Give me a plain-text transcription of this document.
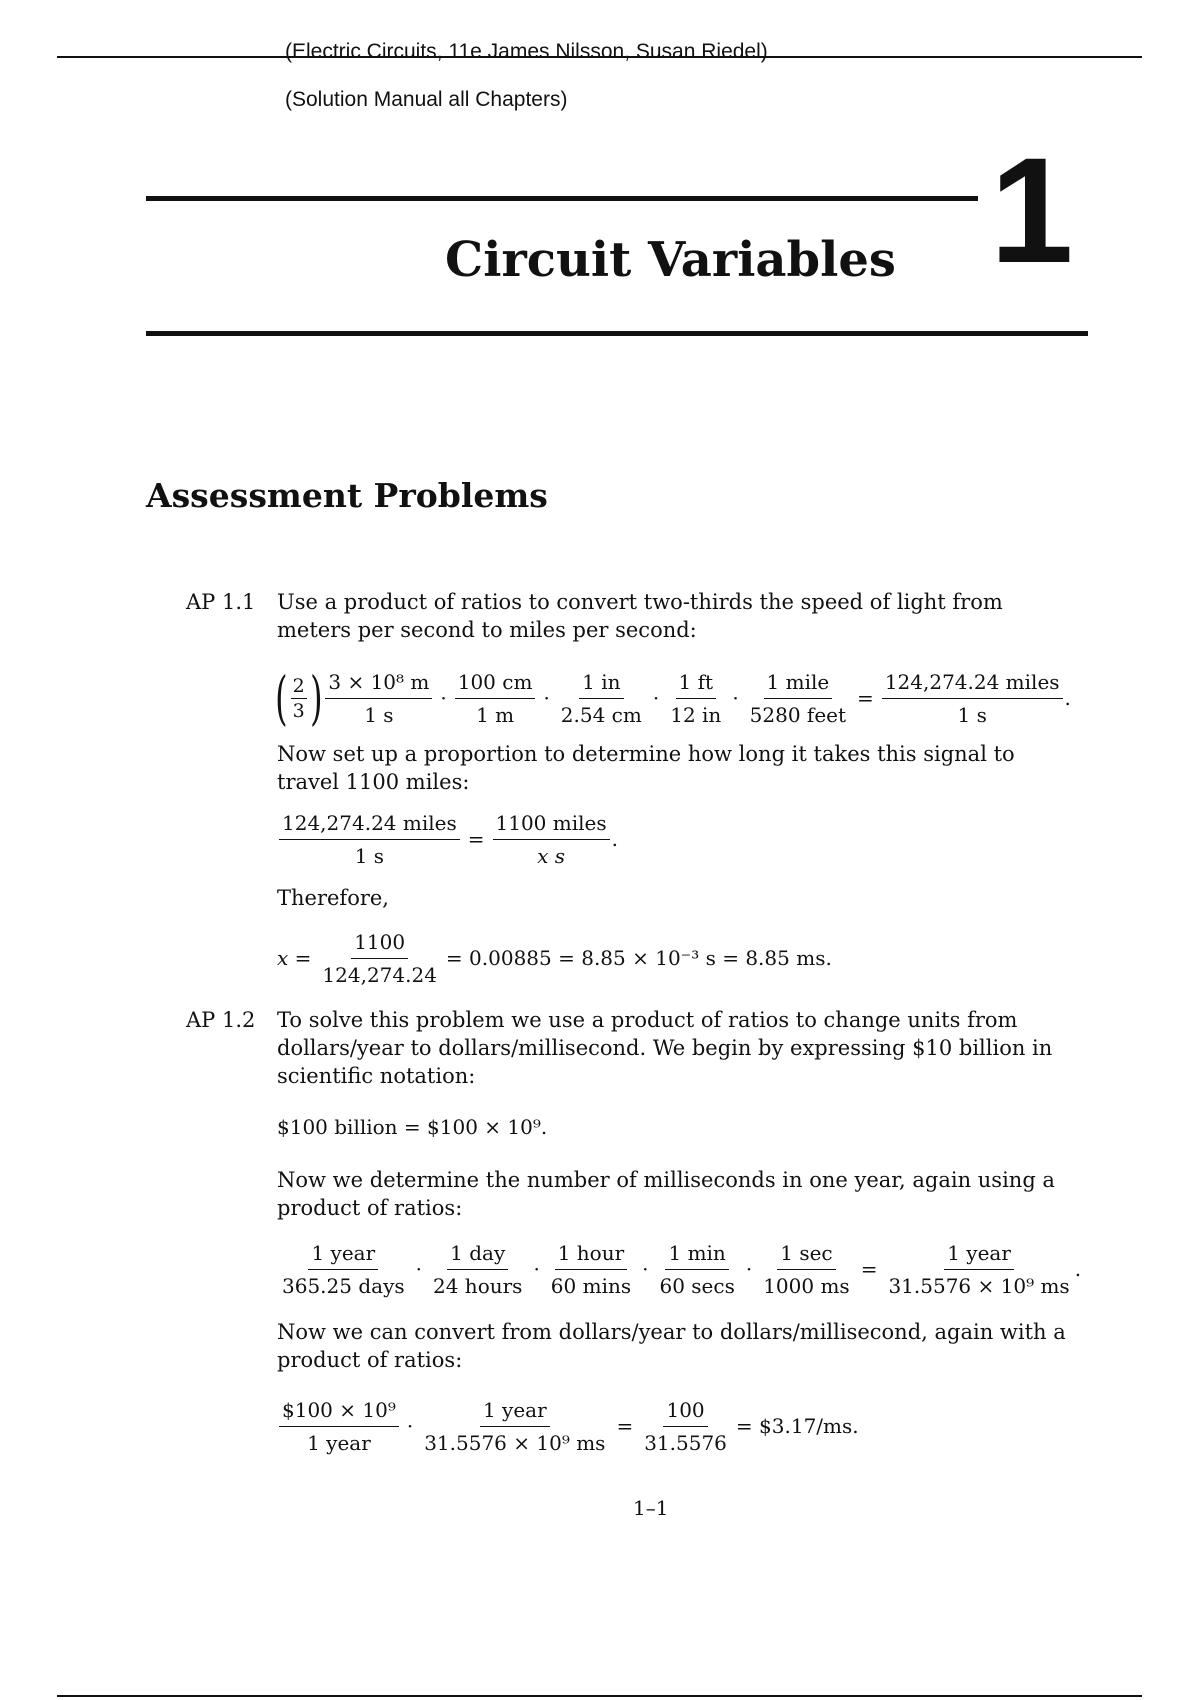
(Electric Circuits, 11e James Nilsson, Susan Riedel)
(Solution Manual all Chapters)
1
Circuit Variables
Assessment Problems
AP 1.1 Use a product of ratios to convert two-thirds the speed of light from meters per second to miles per second:
( $\frac{2}{3}$ ) $\frac{\text{3 × 10⁸ m}}{1 s} \cdot \frac{100 cm}{1 m} \cdot \frac{1 in}{2.54 cm} \cdot \frac{1 ft}{12 in} \cdot \frac{\text{1 mile}}{\text{5280 feet}} = \frac{\text{124,274.24 miles}}{1 s}$ .
Now set up a proportion to determine how long it takes this signal to travel 1100 miles:
$\frac{\text{124,274.24 miles}}{1 s} = \frac{\text{1100 miles}}{\text{x s}}$ .
Therefore,
$x = \frac{1100}{124,274.24} = 0.00885 = 8.85 \times 10^{-3}$ s = 8.85 ms.
AP 1.2 To solve this problem we use a product of ratios to change units from dollars/year to dollars/millisecond. We begin by expressing $10 billion in scientific notation:
$100 billion = $100 × 10⁹.
Now we determine the number of milliseconds in one year, again using a product of ratios:
$\frac{\text{1 year}}{\text{365.25 days}} \cdot \frac{\text{1 day}}{\text{24 hours}} \cdot \frac{\text{1 hour}}{60 \min s} \cdot \frac{1 \min}{60 \sec s} \cdot \frac{1 \sec}{1000 ms} = \frac{\text{1 year}}{\text{31.5576 × 10⁹ ms}}$ .
Now we can convert from dollars/year to dollars/millisecond, again with a product of ratios:
$\frac{\text{\$100 × 10⁹}}{\text{1 year}} \cdot \frac{\text{1 year}}{\text{31.5576 × 10⁹ ms}} = \frac{100}{31.5576}$ = $3.17/ms.
1–1
